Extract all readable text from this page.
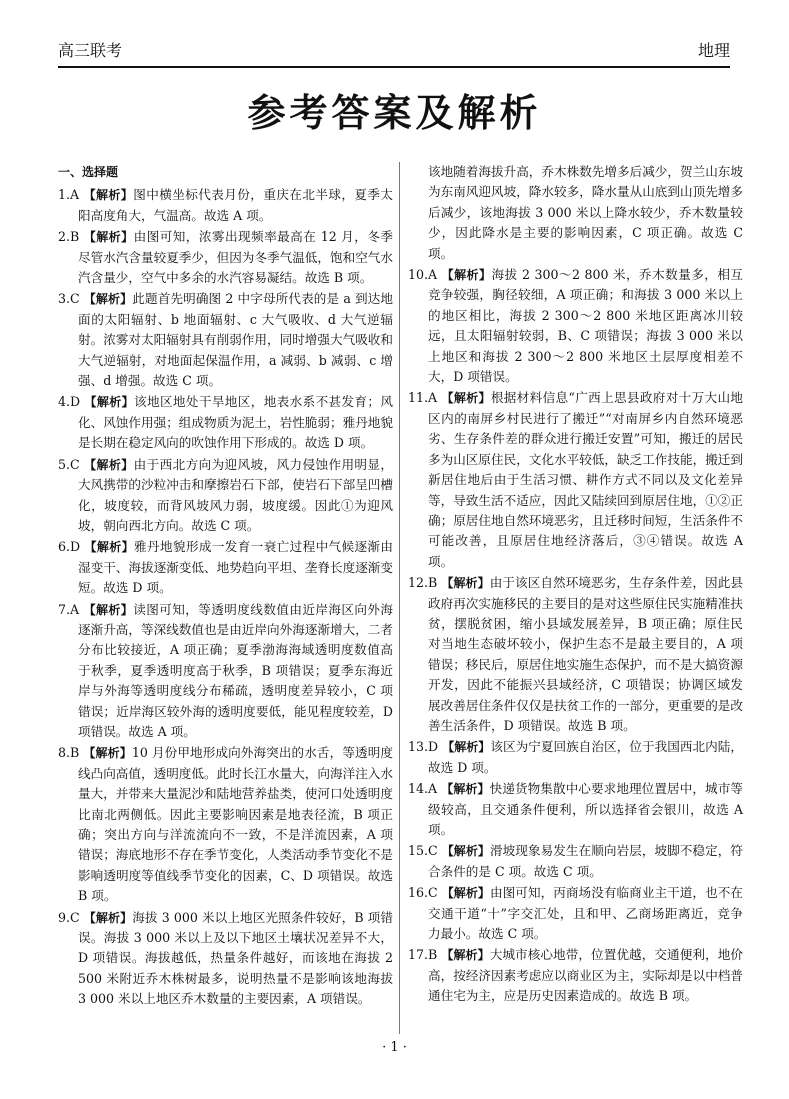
高三联考	地理
参考答案及解析
一、选择题
1.A 【解析】图中横坐标代表月份，重庆在北半球，夏季太阳高度角大，气温高。故选 A 项。
2.B 【解析】由图可知，浓雾出现频率最高在 12 月，冬季尽管水汽含量较夏季少，但因为冬季气温低，饱和空气水汽含量少，空气中多余的水汽容易凝结。故选 B 项。
3.C 【解析】此题首先明确图 2 中字母所代表的是 a 到达地面的太阳辐射、b 地面辐射、c 大气吸收、d 大气逆辐射。浓雾对太阳辐射具有削弱作用，同时增强大气吸收和大气逆辐射，对地面起保温作用，a 减弱、b 减弱、c 增强、d 增强。故选 C 项。
4.D 【解析】该地区地处干旱地区，地表水系不甚发育；风化、风蚀作用强；组成物质为泥土，岩性脆弱；雅丹地貌是长期在稳定风向的吹蚀作用下形成的。故选 D 项。
5.C 【解析】由于西北方向为迎风坡，风力侵蚀作用明显，大风携带的沙粒冲击和摩擦岩石下部，使岩石下部呈凹槽化，坡度较，而背风坡风力弱，坡度缓。因此①为迎风坡，朝向西北方向。故选 C 项。
6.D 【解析】雅丹地貌形成一发育一衰亡过程中气候逐渐由湿变干、海拔逐渐变低、地势趋向平坦、垄脊长度逐渐变短。故选 D 项。
7.A 【解析】读图可知，等透明度线数值由近岸海区向外海逐渐升高，等深线数值也是由近岸向外海逐渐增大，二者分布比较接近，A 项正确；夏季渤海海域透明度数值高于秋季，夏季透明度高于秋季，B 项错误；夏季东海近岸与外海等透明度线分布稀疏，透明度差异较小，C 项错误；近岸海区较外海的透明度要低，能见程度较差，D 项错误。故选 A 项。
8.B 【解析】10 月份甲地形成向外海突出的水舌，等透明度线凸向高值，透明度低。此时长江水量大，向海洋注入水量大，并带来大量泥沙和陆地营养盐类，使河口处透明度比南北两侧低。因此主要影响因素是地表径流，B 项正确；突出方向与洋流流向不一致，不是洋流因素，A 项错误；海底地形不存在季节变化，人类活动季节变化不是影响透明度等值线季节变化的因素，C、D 项错误。故选 B 项。
9.C 【解析】海拔 3 000 米以上地区光照条件较好，B 项错误。海拔 3 000 米以上及以下地区土壤状况差异不大，D 项错误。海拔越低，热量条件越好，而该地在海拔 2 500 米附近乔木株树最多，说明热量不是影响该地海拔 3 000 米以上地区乔木数量的主要因素，A 项错误。
该地随着海拔升高，乔木株数先增多后减少，贺兰山东坡为东南风迎风坡，降水较多，降水量从山底到山顶先增多后减少，该地海拔 3 000 米以上降水较少，乔木数量较少，因此降水是主要的影响因素，C 项正确。故选 C 项。
10.A 【解析】海拔 2 300～2 800 米，乔木数量多，相互竞争较强，胸径较细，A 项正确；和海拔 3 000 米以上的地区相比，海拔 2 300～2 800 米地区距离冰川较远，且太阳辐射较弱，B、C 项错误；海拔 3 000 米以上地区和海拔 2 300～2 800 米地区土层厚度相差不大，D 项错误。
11.A 【解析】根据材料信息“广西上思县政府对十万大山地区内的南屏乡村民进行了搬迁”“对南屏乡内自然环境恶劣、生存条件差的群众进行搬迁安置”可知，搬迁的居民多为山区原住民，文化水平较低，缺乏工作技能，搬迁到新居住地后由于生活习惯、耕作方式不同以及文化差异等，导致生活不适应，因此又陆续回到原居住地，①②正确；原居住地自然环境恶劣，且迁移时间短，生活条件不可能改善，且原居住地经济落后，③④错误。故选 A 项。
12.B 【解析】由于该区自然环境恶劣，生存条件差，因此县政府再次实施移民的主要目的是对这些原住民实施精准扶贫，摆脱贫困，缩小县域发展差异，B 项正确；原住民对当地生态破坏较小，保护生态不是最主要目的，A 项错误；移民后，原居住地实施生态保护，而不是大搞资源开发，因此不能振兴县域经济，C 项错误；协调区域发展改善居住条件仅仅是扶贫工作的一部分，更重要的是改善生活条件，D 项错误。故选 B 项。
13.D 【解析】该区为宁夏回族自治区，位于我国西北内陆，故选 D 项。
14.A 【解析】快递货物集散中心要求地理位置居中，城市等级较高，且交通条件便利，所以选择省会银川，故选 A 项。
15.C 【解析】滑坡现象易发生在顺向岩层，坡脚不稳定，符合条件的是 C 项。故选 C 项。
16.C 【解析】由图可知，丙商场没有临商业主干道，也不在交通干道“十”字交汇处，且和甲、乙商场距离近，竞争力最小。故选 C 项。
17.B 【解析】大城市核心地带，位置优越，交通便利，地价高，按经济因素考虑应以商业区为主，实际却是以中档普通住宅为主，应是历史因素造成的。故选 B 项。
· 1 ·
